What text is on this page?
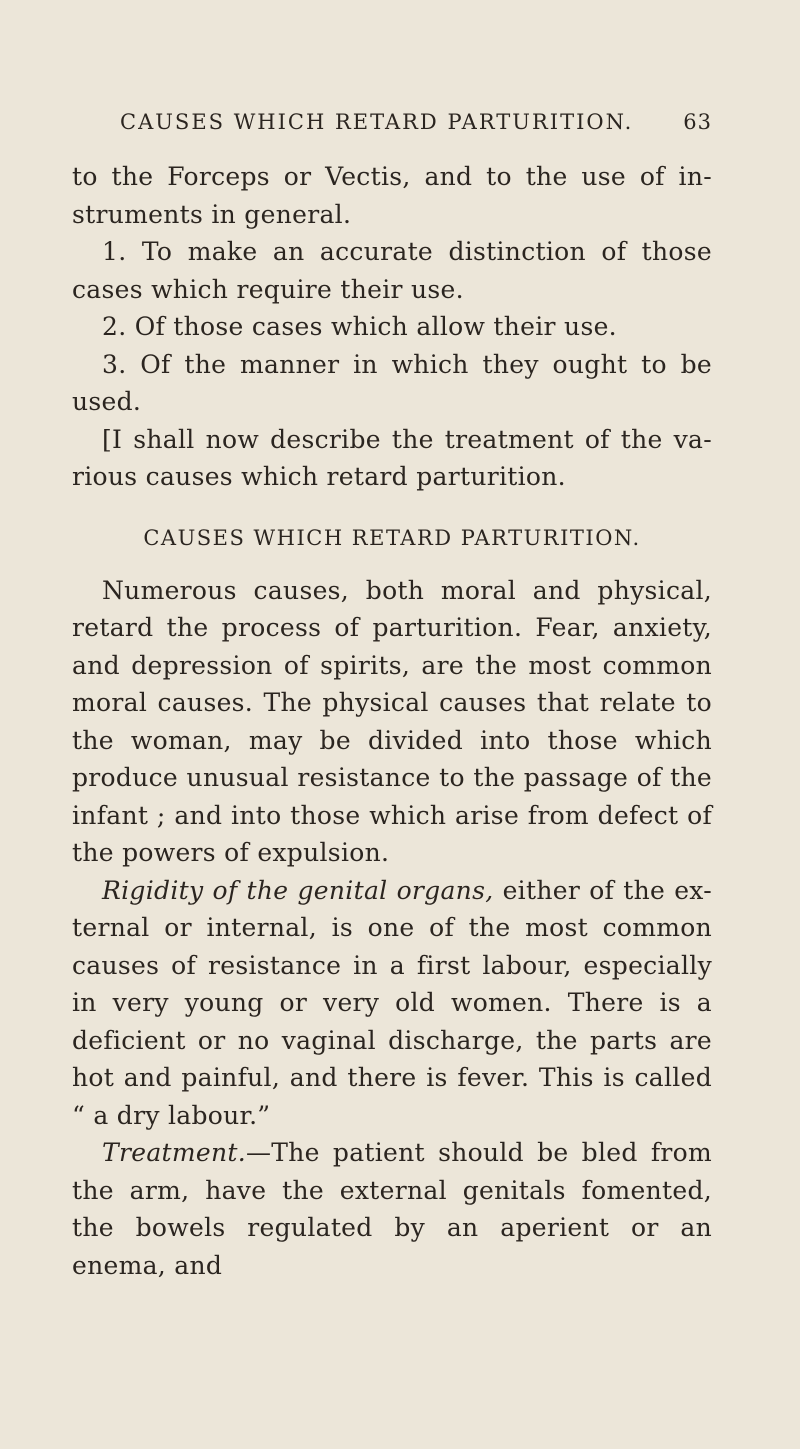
CAUSES WHICH RETARD PARTURITION.	63

to the Forceps or Vectis, and to the use of in-struments in general.

1. To make an accurate distinction of those cases which require their use.

2. Of those cases which allow their use.

3. Of the manner in which they ought to be used.

[I shall now describe the treatment of the va-rious causes which retard parturition.

CAUSES WHICH RETARD PARTURITION.

Numerous causes, both moral and physical, retard the process of parturition. Fear, anxiety, and depression of spirits, are the most common moral causes. The physical causes that relate to the woman, may be divided into those which produce unusual resistance to the passage of the infant ; and into those which arise from defect of the powers of expulsion.

Rigidity of the genital organs, either of the ex-ternal or internal, is one of the most common causes of resistance in a first labour, especially in very young or very old women. There is a deficient or no vaginal discharge, the parts are hot and painful, and there is fever. This is called “ a dry labour.”

Treatment.—The patient should be bled from the arm, have the external genitals fomented, the bowels regulated by an aperient or an enema, and
